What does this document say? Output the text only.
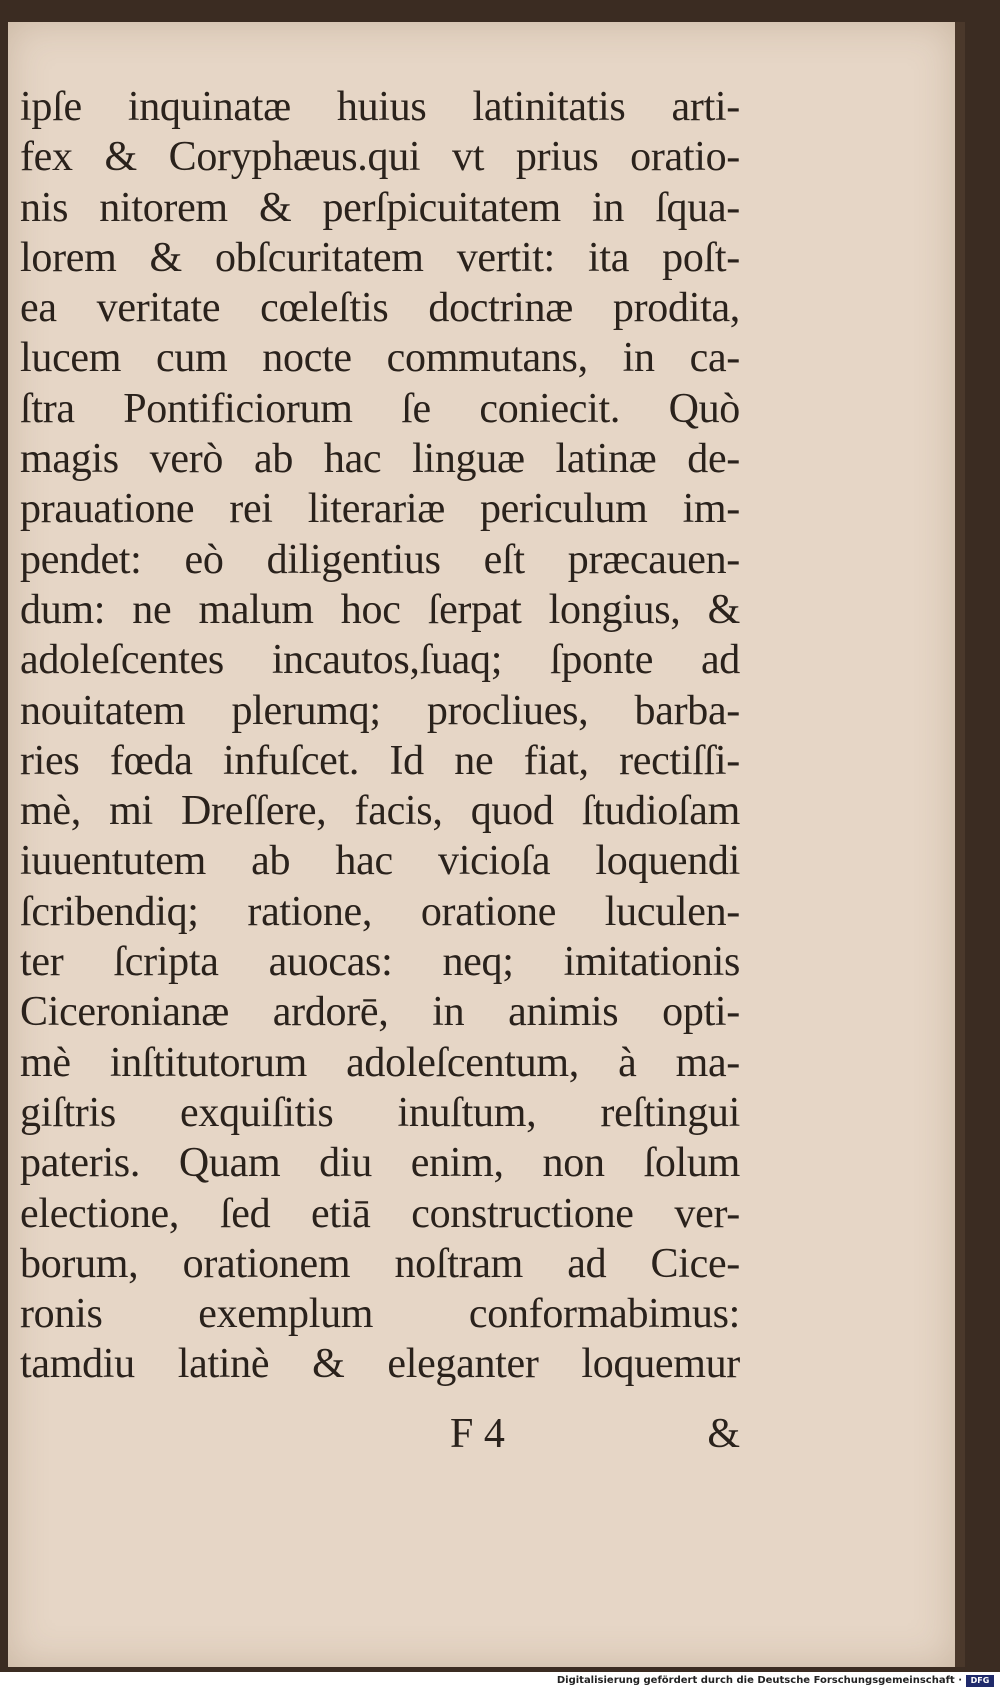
ipſe inquinatæ huius latinitatis arti-
fex & Coryphæus.qui vt prius oratio-
nis nitorem & perſpicuitatem in ſqua-
lorem & obſcuritatem vertit: ita poſt-
ea veritate cœleſtis doctrinæ prodita,
lucem cum nocte commutans, in ca-
ſtra Pontificiorum ſe coniecit. Quò
magis verò ab hac linguæ latinæ de-
prauatione rei literariæ periculum im-
pendet: eò diligentius eſt præcauen-
dum: ne malum hoc ſerpat longius, &
adoleſcentes incautos,ſuaq; ſponte ad
nouitatem plerumq; procliues, barba-
ries fœda infuſcet. Id ne fiat, rectiſſi-
mè, mi Dreſſere, facis, quod ſtudioſam
iuuentutem ab hac vicioſa loquendi
ſcribendiq; ratione, oratione luculen-
ter ſcripta auocas: neq; imitationis
Ciceronianæ ardorē, in animis opti-
mè inſtitutorum adoleſcentum, à ma-
giſtris exquiſitis inuſtum, reſtingui
pateris. Quam diu enim, non ſolum
electione, ſed etiā constructione ver-
borum, orationem noſtram ad Cice-
ronis exemplum conformabimus:
tamdiu latinè & eleganter loquemur
F 4	&
Digitalisierung gefördert durch die Deutsche Forschungsgemeinschaft ·	DFG
